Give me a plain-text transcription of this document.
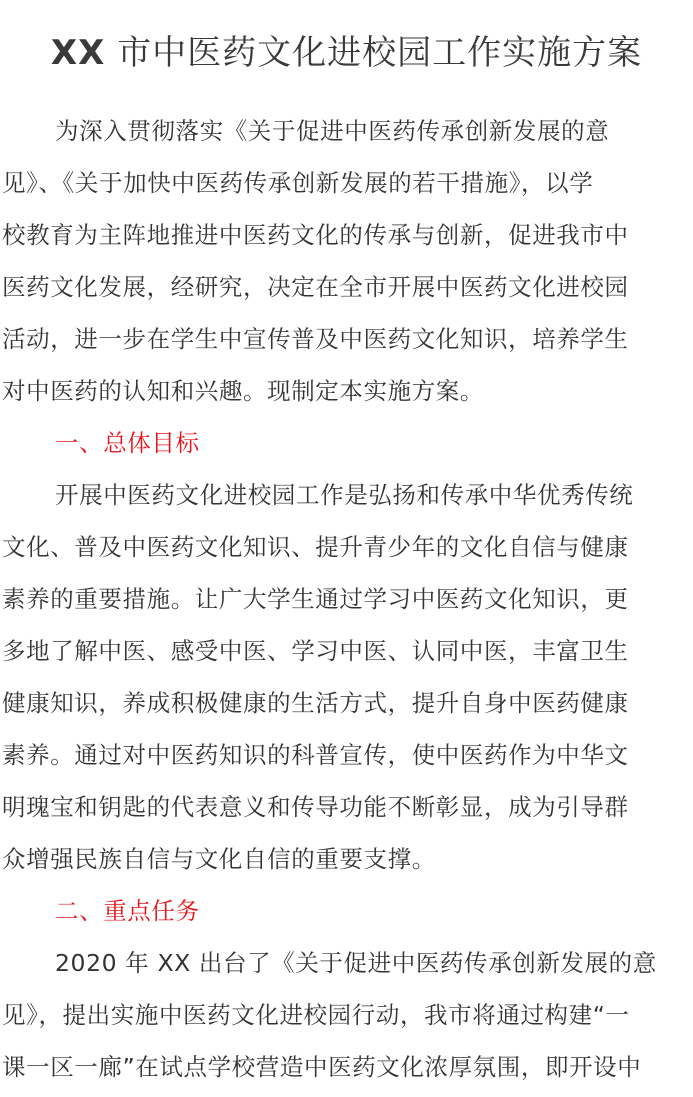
XX 市中医药文化进校园工作实施方案
为深入贯彻落实《关于促进中医药传承创新发展的意
见》、《关于加快中医药传承创新发展的若干措施》，以学
校教育为主阵地推进中医药文化的传承与创新，促进我市中
医药文化发展，经研究，决定在全市开展中医药文化进校园
活动，进一步在学生中宣传普及中医药文化知识，培养学生
对中医药的认知和兴趣。现制定本实施方案。
一、总体目标
开展中医药文化进校园工作是弘扬和传承中华优秀传统
文化、普及中医药文化知识、提升青少年的文化自信与健康
素养的重要措施。让广大学生通过学习中医药文化知识，更
多地了解中医、感受中医、学习中医、认同中医，丰富卫生
健康知识，养成积极健康的生活方式，提升自身中医药健康
素养。通过对中医药知识的科普宣传，使中医药作为中华文
明瑰宝和钥匙的代表意义和传导功能不断彰显，成为引导群
众增强民族自信与文化自信的重要支撑。
二、重点任务
2020 年 XX 出台了《关于促进中医药传承创新发展的意
见》，提出实施中医药文化进校园行动，我市将通过构建“一
课一区一廊”在试点学校营造中医药文化浓厚氛围，即开设中
